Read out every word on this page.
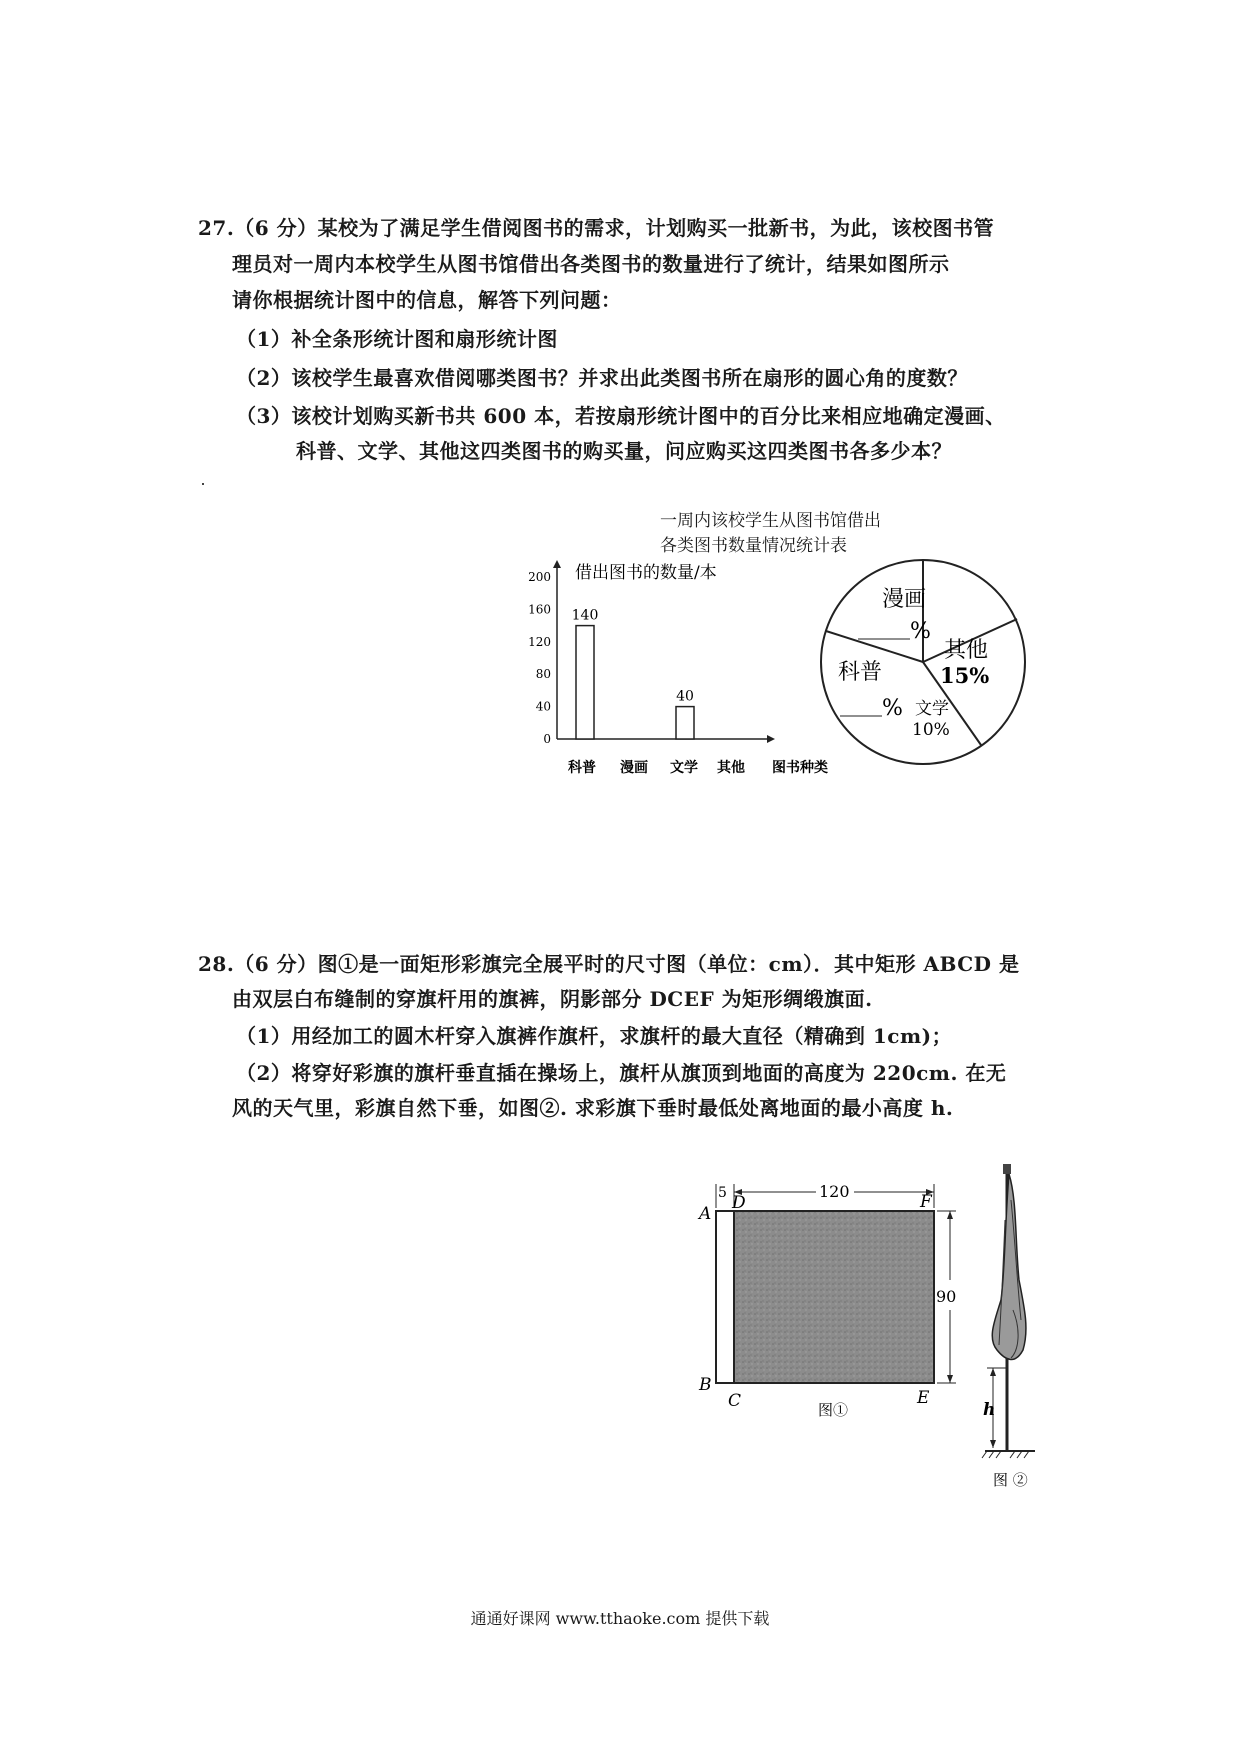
27.（6 分）某校为了满足学生借阅图书的需求，计划购买一批新书，为此，该校图书管
理员对一周内本校学生从图书馆借出各类图书的数量进行了统计，结果如图所示
请你根据统计图中的信息，解答下列问题：
（1）补全条形统计图和扇形统计图
（2）该校学生最喜欢借阅哪类图书？并求出此类图书所在扇形的圆心角的度数？
（3）该校计划购买新书共 600 本，若按扇形统计图中的百分比来相应地确定漫画、
科普、文学、其他这四类图书的购买量，问应购买这四类图书各多少本？
一周内该校学生从图书馆借出
各类图书数量情况统计表
借出图书的数量/本
0
40
80
120
160
200
科普
140
漫画 文学
40
其他 图书种类
漫画
%
其他
15%
文学
10%
科普
%
28.（6 分）图①是一面矩形彩旗完全展平时的尺寸图（单位：cm）．其中矩形 ABCD 是
由双层白布缝制的穿旗杆用的旗裤，阴影部分 DCEF 为矩形绸缎旗面.
（1）用经加工的圆木杆穿入旗裤作旗杆，求旗杆的最大直径（精确到 1cm)；
（2）将穿好彩旗的旗杆垂直插在操场上，旗杆从旗顶到地面的高度为 220cm. 在无
风的天气里，彩旗自然下垂，如图②. 求彩旗下垂时最低处离地面的最小高度 h.
5	120
90
A
B
C
D
E
F
图①	h
图 ②
通通好课网 www.tthaoke.com 提供下载
